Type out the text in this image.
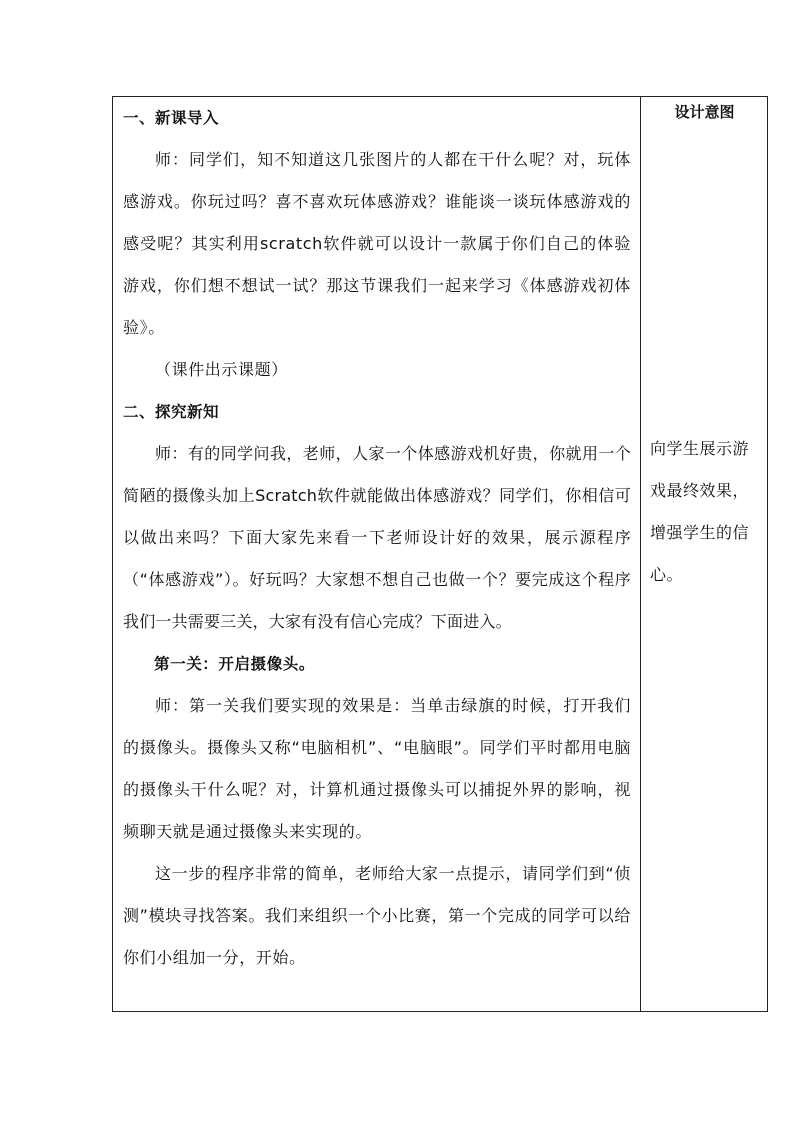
一、新课导入

师：同学们，知不知道这几张图片的人都在干什么呢？对，玩体感游戏。你玩过吗？喜不喜欢玩体感游戏？谁能谈一谈玩体感游戏的感受呢？其实利用scratch软件就可以设计一款属于你们自己的体验游戏，你们想不想试一试？那这节课我们一起来学习《体感游戏初体验》。

（课件出示课题）

二、探究新知

师：有的同学问我，老师，人家一个体感游戏机好贵，你就用一个简陋的摄像头加上Scratch软件就能做出体感游戏？同学们，你相信可以做出来吗？下面大家先来看一下老师设计好的效果，展示源程序（“体感游戏”）。好玩吗？大家想不想自己也做一个？要完成这个程序我们一共需要三关，大家有没有信心完成？下面进入。

第一关：开启摄像头。

师：第一关我们要实现的效果是：当单击绿旗的时候，打开我们的摄像头。摄像头又称“电脑相机”、“电脑眼”。同学们平时都用电脑的摄像头干什么呢？对，计算机通过摄像头可以捕捉外界的影响，视频聊天就是通过摄像头来实现的。

这一步的程序非常的简单，老师给大家一点提示，请同学们到“侦测”模块寻找答案。我们来组织一个小比赛，第一个完成的同学可以给你们小组加一分，开始。

设计意图
向学生展示游戏最终效果，增强学生的信心。
